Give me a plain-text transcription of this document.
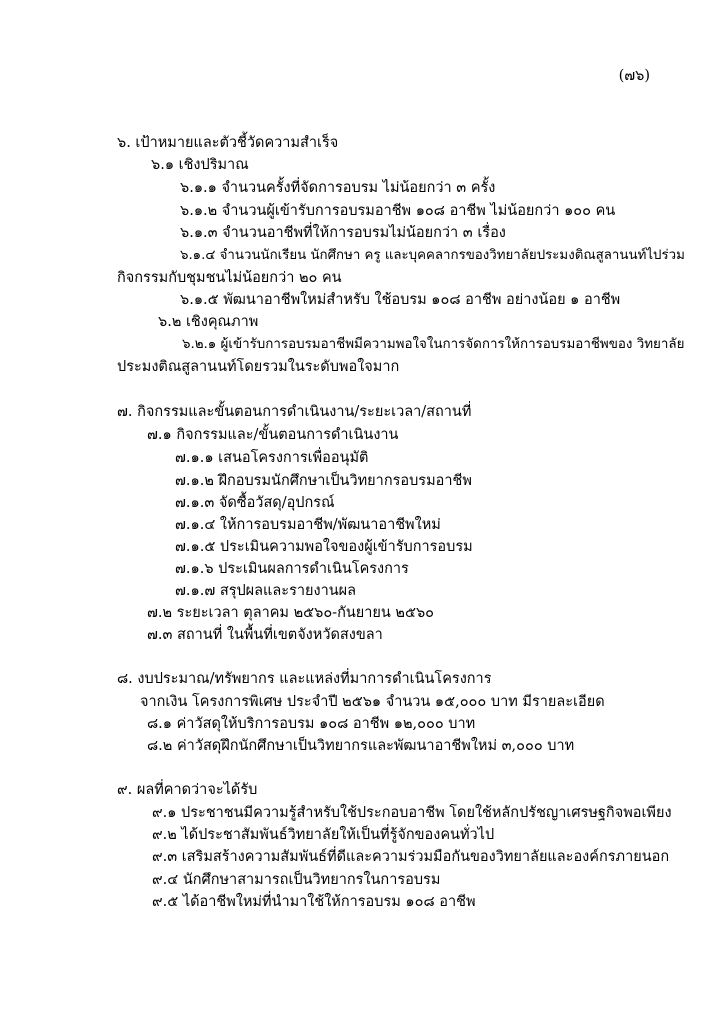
(๗๖)
๖. เป้าหมายและตัวชี้วัดความสำเร็จ
๖.๑ เชิงปริมาณ
๖.๑.๑ จำนวนครั้งที่จัดการอบรม ไม่น้อยกว่า ๓ ครั้ง
๖.๑.๒ จำนวนผู้เข้ารับการอบรมอาชีพ ๑๐๘ อาชีพ ไม่น้อยกว่า ๑๐๐ คน
๖.๑.๓ จำนวนอาชีพที่ให้การอบรมไม่น้อยกว่า ๓ เรื่อง
๖.๑.๔ จำนวนนักเรียน นักศึกษา ครู และบุคคลากรของวิทยาลัยประมงติณสูลานนท์ไปร่วม
กิจกรรมกับชุมชนไม่น้อยกว่า ๒๐ คน
๖.๑.๕ พัฒนาอาชีพใหม่สำหรับ ใช้อบรม ๑๐๘ อาชีพ อย่างน้อย ๑ อาชีพ
๖.๒ เชิงคุณภาพ
๖.๒.๑ ผู้เข้ารับการอบรมอาชีพมีความพอใจในการจัดการให้การอบรมอาชีพของ วิทยาลัย
ประมงติณสูลานนท์โดยรวมในระดับพอใจมาก
๗. กิจกรรมและขั้นตอนการดำเนินงาน/ระยะเวลา/สถานที่
๗.๑ กิจกรรมและ/ขั้นตอนการดำเนินงาน
๗.๑.๑ เสนอโครงการเพื่ออนุมัติ
๗.๑.๒ ฝึกอบรมนักศึกษาเป็นวิทยากรอบรมอาชีพ
๗.๑.๓ จัดซื้อวัสดุ/อุปกรณ์
๗.๑.๔ ให้การอบรมอาชีพ/พัฒนาอาชีพใหม่
๗.๑.๕ ประเมินความพอใจของผู้เข้ารับการอบรม
๗.๑.๖ ประเมินผลการดำเนินโครงการ
๗.๑.๗ สรุปผลและรายงานผล
๗.๒ ระยะเวลา ตุลาคม ๒๕๖๐-กันยายน ๒๕๖๐
๗.๓ สถานที่ ในพื้นที่เขตจังหวัดสงขลา
๘. งบประมาณ/ทรัพยากร และแหล่งที่มาการดำเนินโครงการ
จากเงิน โครงการพิเศษ ประจำปี ๒๕๖๑ จำนวน ๑๕,๐๐๐ บาท มีรายละเอียด
๘.๑ ค่าวัสดุให้บริการอบรม ๑๐๘ อาชีพ ๑๒,๐๐๐ บาท
๘.๒ ค่าวัสดุฝึกนักศึกษาเป็นวิทยากรและพัฒนาอาชีพใหม่ ๓,๐๐๐ บาท
๙. ผลที่คาดว่าจะได้รับ
๙.๑ ประชาชนมีความรู้สำหรับใช้ประกอบอาชีพ โดยใช้หลักปรัชญาเศรษฐกิจพอเพียง
๙.๒ ได้ประชาสัมพันธ์วิทยาลัยให้เป็นที่รู้จักของคนทั่วไป
๙.๓ เสริมสร้างความสัมพันธ์ที่ดีและความร่วมมือกันของวิทยาลัยและองค์กรภายนอก
๙.๔ นักศึกษาสามารถเป็นวิทยากรในการอบรม
๙.๕ ได้อาชีพใหม่ที่นำมาใช้ให้การอบรม ๑๐๘ อาชีพ
